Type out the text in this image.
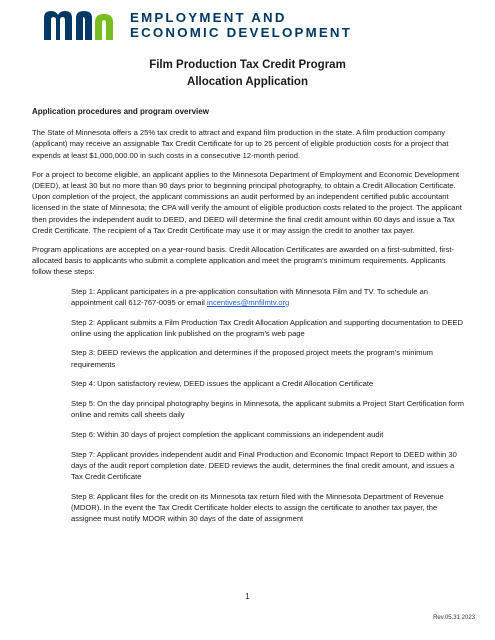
EMPLOYMENT AND
ECONOMIC DEVELOPMENT
Film Production Tax Credit Program
Allocation Application
Application procedures and program overview

The State of Minnesota offers a 25% tax credit to attract and expand film production in the state. A film production company (applicant) may receive an assignable Tax Credit Certificate for up to 25 percent of eligible production costs for a project that expends at least $1,000,000.00 in such costs in a consecutive 12-month period.

For a project to become eligible, an applicant applies to the Minnesota Department of Employment and Economic Development (DEED), at least 30 but no more than 90 days prior to beginning principal photography, to obtain a Credit Allocation Certificate. Upon completion of the project, the applicant commissions an audit performed by an independent certified public accountant licensed in the state of Minnesota; the CPA will verify the amount of eligible production costs related to the project. The applicant then provides the independent audit to DEED, and DEED will determine the final credit amount within 60 days and issue a Tax Credit Certificate. The recipient of a Tax Credit Certificate may use it or may assign the credit to another tax payer.

Program applications are accepted on a year-round basis. Credit Allocation Certificates are awarded on a first-submitted, first-allocated basis to applicants who submit a complete application and meet the program’s minimum requirements. Applicants follow these steps:

Step 1: Applicant participates in a pre-application consultation with Minnesota Film and TV. To schedule an appointment call 612-767-0095 or email incentives@mnfilmtv.org

Step 2: Applicant submits a Film Production Tax Credit Allocation Application and supporting documentation to DEED online using the application link published on the program’s web page

Step 3: DEED reviews the application and determines if the proposed project meets the program’s minimum requirements

Step 4: Upon satisfactory review, DEED issues the applicant a Credit Allocation Certificate

Step 5: On the day principal photography begins in Minnesota, the applicant submits a Project Start Certification form online and remits call sheets daily

Step 6: Within 30 days of project completion the applicant commissions an independent audit

Step 7: Applicant provides independent audit and Final Production and Economic Impact Report to DEED within 30 days of the audit report completion date. DEED reviews the audit, determines the final credit amount, and issues a Tax Credit Certificate

Step 8: Applicant files for the credit on its Minnesota tax return filed with the Minnesota Department of Revenue (MDOR). In the event the Tax Credit Certificate holder elects to assign the certificate to another tax payer, the assignee must notify MDOR within 30 days of the date of assignment

1
Rev.05.31.2023
